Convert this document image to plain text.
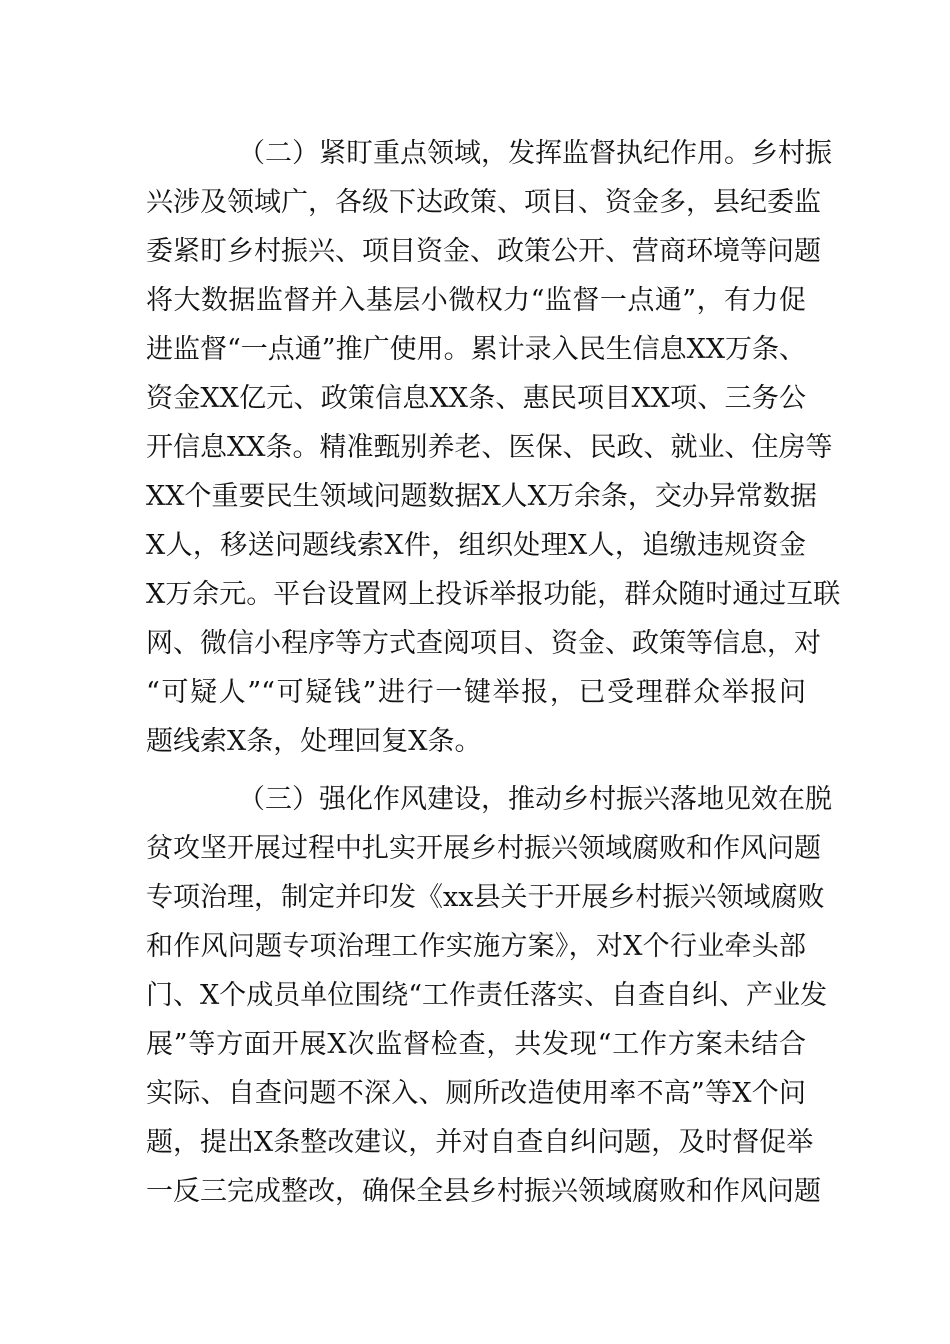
（二）紧盯重点领域，发挥监督执纪作用。乡村振
兴涉及领域广，各级下达政策、项目、资金多，县纪委监
委紧盯乡村振兴、项目资金、政策公开、营商环境等问题
将大数据监督并入基层小微权力“监督一点通”，有力促
进监督“一点通”推广使用。累计录入民生信息XX万条、
资金XX亿元、政策信息XX条、惠民项目XX项、三务公
开信息XX条。精准甄别养老、医保、民政、就业、住房等
XX个重要民生领域问题数据X人X万余条，交办异常数据
X人，移送问题线索X件，组织处理X人，追缴违规资金
X万余元。平台设置网上投诉举报功能，群众随时通过互联
网、微信小程序等方式查阅项目、资金、政策等信息，对
“可疑人”“可疑钱”进行一键举报，已受理群众举报问
题线索X条，处理回复X条。
（三）强化作风建设，推动乡村振兴落地见效在脱
贫攻坚开展过程中扎实开展乡村振兴领域腐败和作风问题
专项治理，制定并印发《xx县关于开展乡村振兴领域腐败
和作风问题专项治理工作实施方案》，对X个行业牵头部
门、X个成员单位围绕“工作责任落实、自查自纠、产业发
展”等方面开展X次监督检查，共发现“工作方案未结合
实际、自查问题不深入、厕所改造使用率不高”等X个问
题，提出X条整改建议，并对自查自纠问题，及时督促举
一反三完成整改，确保全县乡村振兴领域腐败和作风问题
